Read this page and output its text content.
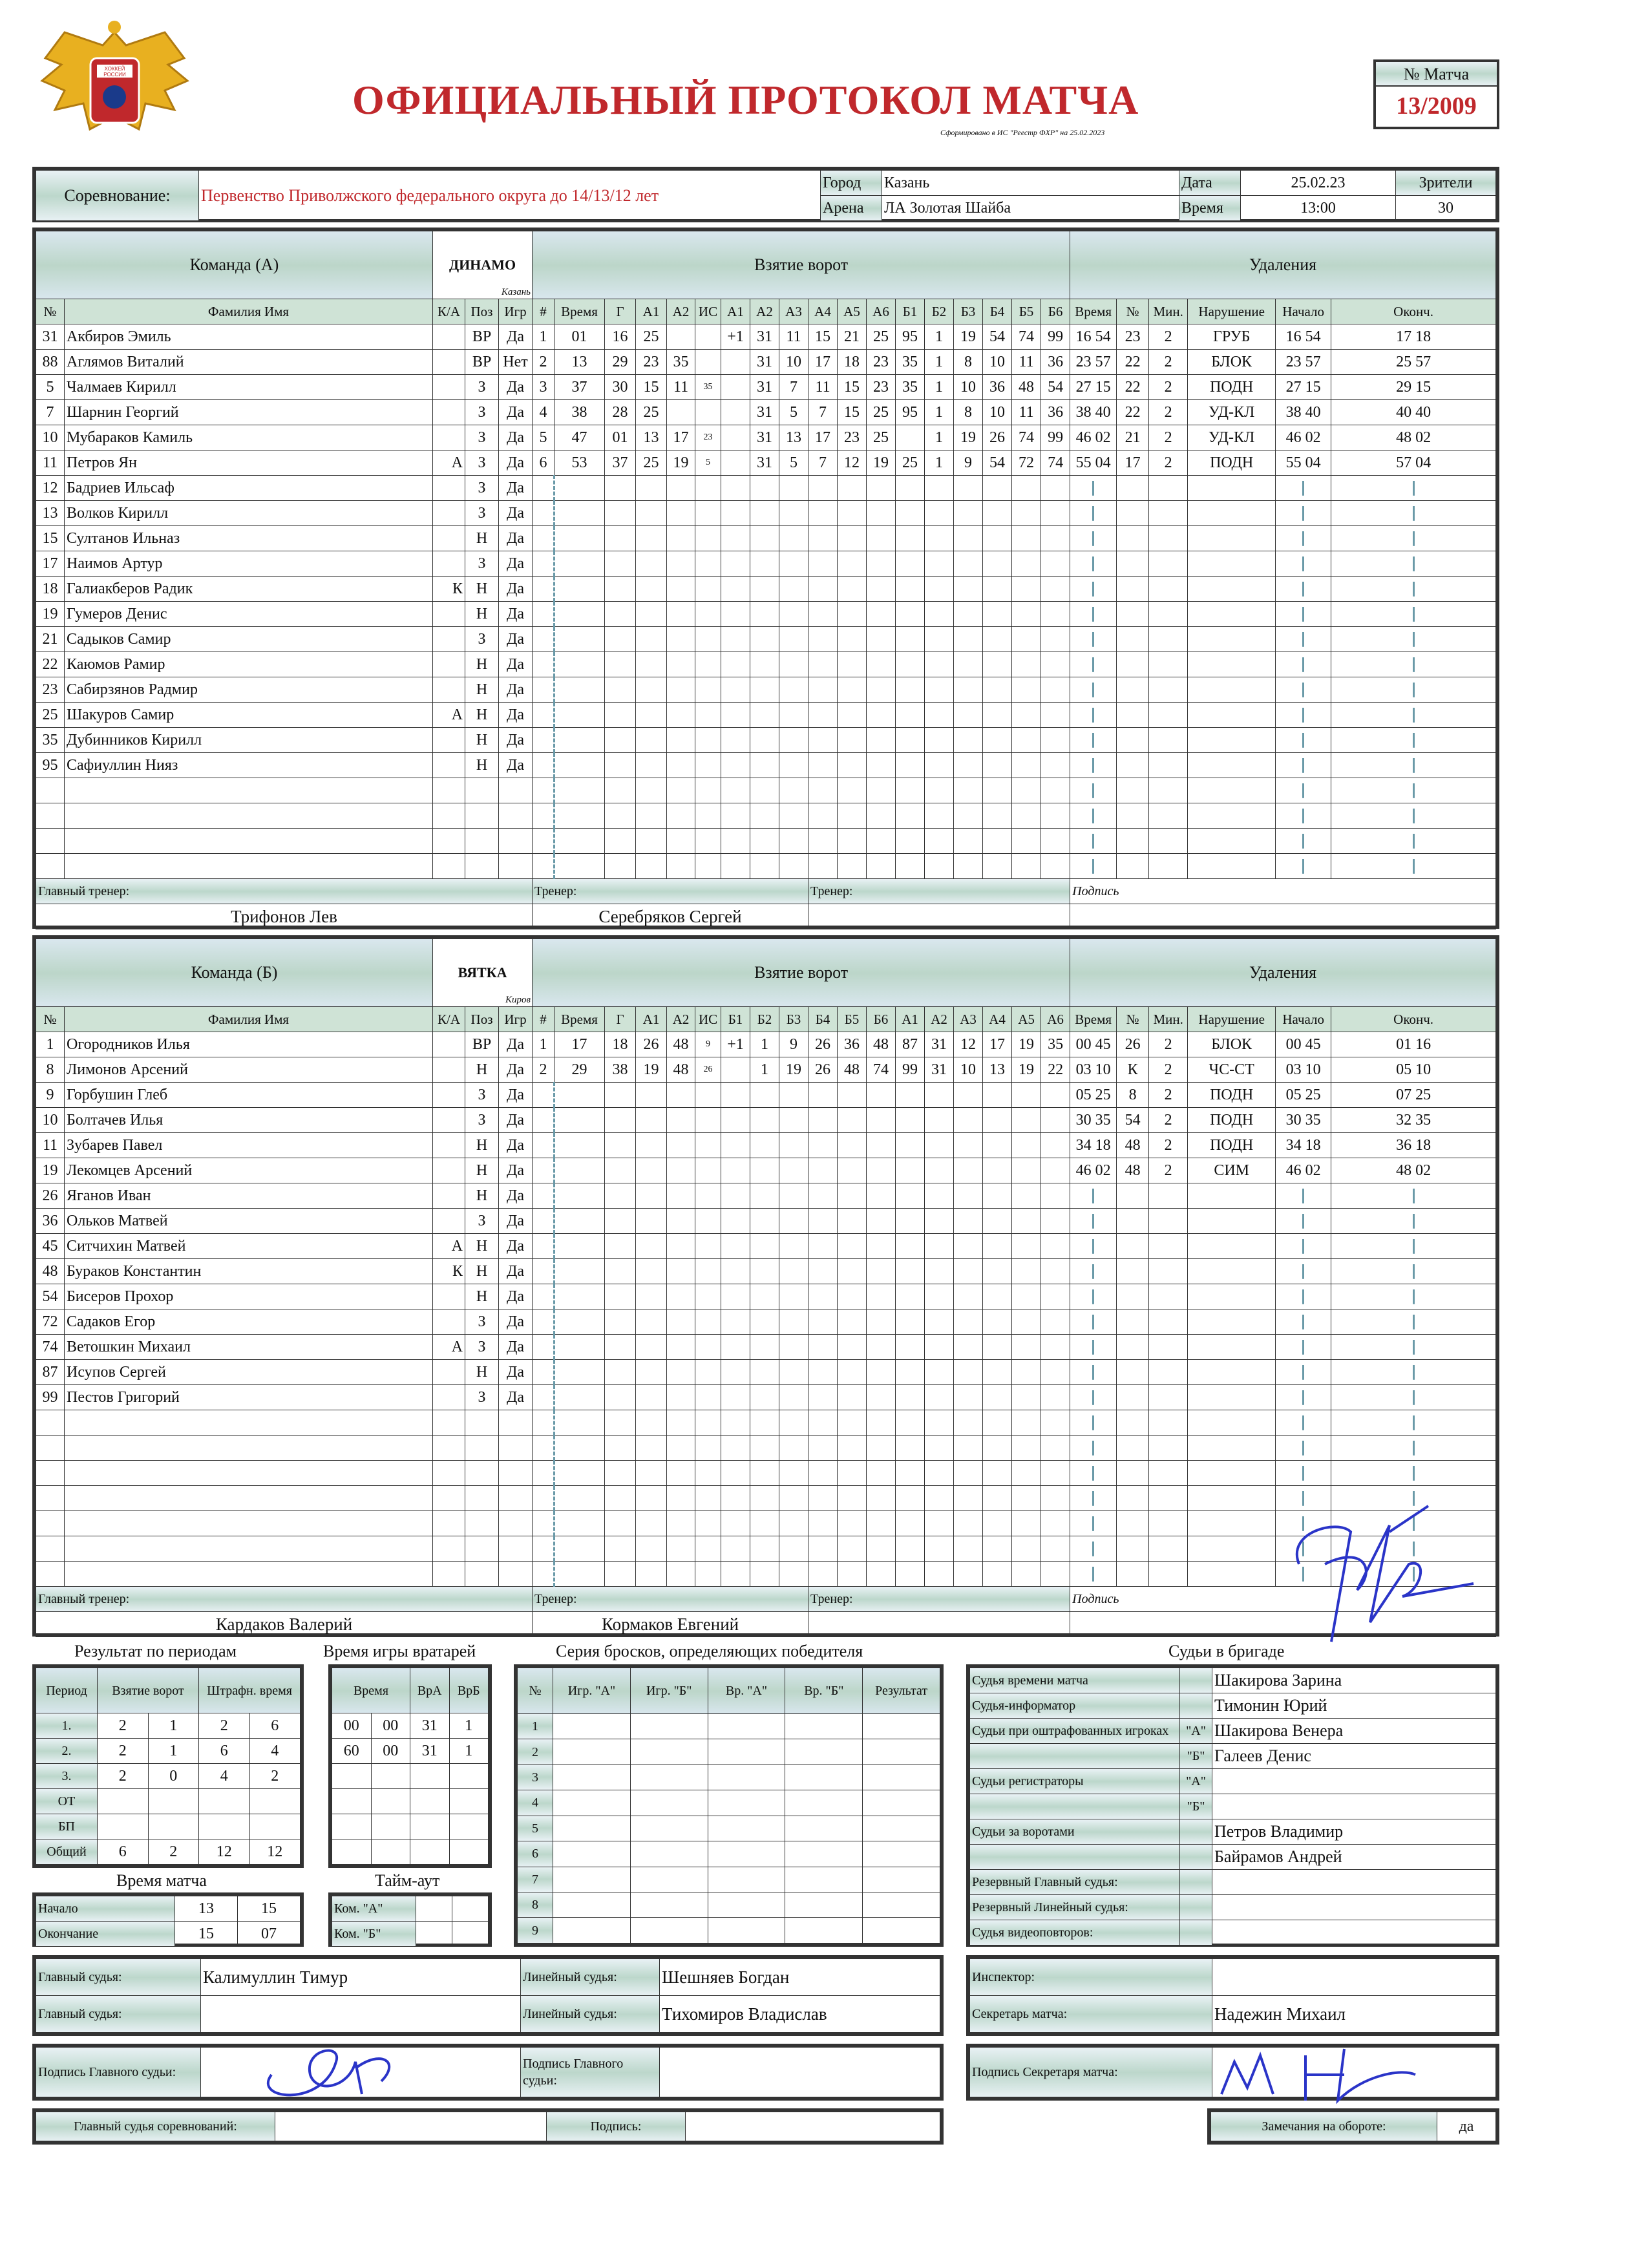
ХОККЕЙ РОССИИ
ОФИЦИАЛЬНЫЙ ПРОТОКОЛ МАТЧА
Сформировано в ИС "Реестр ФХР" на 25.02.2023
№ Матча
13/2009
Соревнование:	Первенство Приволжского федерального округа до 14/13/12 лет	Город	Казань	Дата	25.02.23	Зрители
		Арена	ЛА Золотая Шайба	Время	13:00	30
Команда (А)		ДИНАМО
Казань			Взятие ворот																		Удаления					
№	Фамилия Имя	К/А	Поз	Игр	#	Время	Г	А1	А2	ИС	А1	А2	А3	А4	А5	А6	Б1	Б2	Б3	Б4	Б5	Б6	Время	№	Мин.	Нарушение	Начало	Оконч.
31	Акбиров Эмиль		ВР	Да	1	01	16	25			+1	31	11	15	21	25	95	1	19	54	74	99	16 54	23	2	ГРУБ	16 54	17 18
88	Аглямов Виталий		ВР	Нет	2	13	29	23	35			31	10	17	18	23	35	1	8	10	11	36	23 57	22	2	БЛОК	23 57	25 57
5	Чалмаев Кирилл		З	Да	3	37	30	15	11	35		31	7	11	15	23	35	1	10	36	48	54	27 15	22	2	ПОДН	27 15	29 15
7	Шарнин Георгий		З	Да	4	38	28	25				31	5	7	15	25	95	1	8	10	11	36	38 40	22	2	УД-КЛ	38 40	40 40
10	Мубараков Камиль		З	Да	5	47	01	13	17	23		31	13	17	23	25		1	19	26	74	99	46 02	21	2	УД-КЛ	46 02	48 02
11	Петров Ян	А	З	Да	6	53	37	25	19	5		31	5	7	12	19	25	1	9	54	72	74	55 04	17	2	ПОДН	55 04	57 04
12	Бадриев Ильсаф		З	Да																								
13	Волков Кирилл		З	Да																								
15	Султанов Ильназ		Н	Да																								
17	Наимов Артур		З	Да																								
18	Галиакберов Радик	К	Н	Да																								
19	Гумеров Денис		Н	Да																								
21	Садыков Самир		З	Да																								
22	Каюмов Рамир		Н	Да																								
23	Сабирзянов Радмир		Н	Да																								
25	Шакуров Самир	А	Н	Да																								
35	Дубинников Кирилл		Н	Да																								
95	Сафиуллин Нияз		Н	Да																								

Главный тренер:					Тренер:									Тренер:									Подпись					
Трифонов Лев					Серебряков Сергей																							
Команда (Б)		ВЯТКА
Киров			Взятие ворот																		Удаления					
№	Фамилия Имя	К/А	Поз	Игр	#	Время	Г	А1	А2	ИС	Б1	Б2	Б3	Б4	Б5	Б6	А1	А2	А3	А4	А5	А6	Время	№	Мин.	Нарушение	Начало	Оконч.
1	Огородников Илья		ВР	Да	1	17	18	26	48	9	+1	1	9	26	36	48	87	31	12	17	19	35	00 45	26	2	БЛОК	00 45	01 16
8	Лимонов Арсений		Н	Да	2	29	38	19	48	26		1	19	26	48	74	99	31	10	13	19	22	03 10	К	2	ЧС-СТ	03 10	05 10
9	Горбушин Глеб		З	Да																			05 25	8	2	ПОДН	05 25	07 25
10	Болтачев Илья		З	Да																			30 35	54	2	ПОДН	30 35	32 35
11	Зубарев Павел		Н	Да																			34 18	48	2	ПОДН	34 18	36 18
19	Лекомцев Арсений		Н	Да																			46 02	48	2	СИМ	46 02	48 02
26	Яганов Иван		Н	Да																								
36	Ольков Матвей		З	Да																								
45	Ситчихин Матвей	А	Н	Да																								
48	Бураков Константин	К	Н	Да																								
54	Бисеров Прохор		Н	Да																								
72	Садаков Егор		З	Да																								
74	Ветошкин Михаил	А	З	Да																								
87	Исупов Сергей		Н	Да																								
99	Пестов Григорий		З	Да																								

Главный тренер:					Тренер:									Тренер:									Подпись					
Кардаков Валерий					Кормаков Евгений																							
Результат по периодам
Период	Взятие ворот		Штрафн. время	
1.	2	1	2	6
2.	2	1	6	4
3.	2	0	4	2
ОТ				
БП				
Общий	6	2	12	12
Время игры вратарей
Время		ВрА	ВрБ
00	00	31	1
60	00	31	1

Время матча
Начало	13	15
Окончание	15	07
Тайм-аут
Ком. "А"		
Ком. "Б"		
Серия бросков, определяющих победителя
№	Игр. "А"	Игр. "Б"	Вр. "А"	Вр. "Б"	Результат
1					
2					
3					
4					
5					
6					
7					
8					
9					
Судьи в бригаде
Судья времени матча		Шакирова Зарина
Судья-информатор		Тимонин Юрий
Судьи при оштрафованных игроках	"А"	Шакирова Венера
	"Б"	Галеев Денис
Судьи регистраторы	"А"	
	"Б"	
Судьи за воротами		Петров Владимир
		Байрамов Андрей
Резервный Главный судья:		
Резервный Линейный судья:		
Судья видеоповторов:		
Главный судья:	Калимуллин Тимур	Линейный судья:	Шешняев Богдан
Главный судья:		Линейный судья:	Тихомиров Владислав
Инспектор:	
Секретарь матча:	Надежин Михаил
Подпись Главного судьи:		Подпись Главного судьи:	
Подпись Секретаря матча:	
Главный судья соревнований:		Подпись:		Замечания на обороте:	да
